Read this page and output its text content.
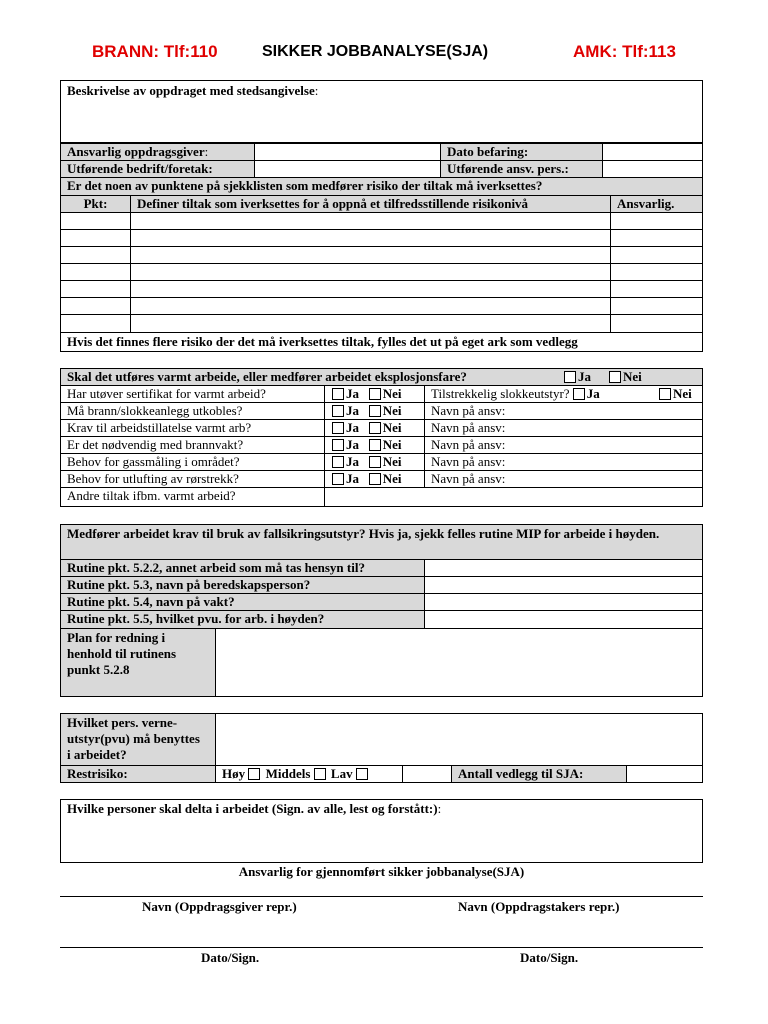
BRANN: Tlf:110	SIKKER JOBBANALYSE(SJA)	AMK: Tlf:113
Beskrivelse av oppdraget med stedsangivelse:
Ansvarlig oppdragsgiver:	Dato befaring:
Utførende bedrift/foretak:	Utførende ansv. pers.:
Er det noen av punktene på sjekklisten som medfører risiko der tiltak må iverksettes?
Pkt:	Definer tiltak som iverksettes for å oppnå et tilfredsstillende risikonivå	Ansvarlig.
Hvis det finnes flere risiko der det må iverksettes tiltak, fylles det ut på eget ark som vedlegg
Skal det utføres varmt arbeide, eller medfører arbeidet eksplosjonsfare?	Ja	Nei
Har utøver sertifikat for varmt arbeid?	Ja Nei	Tilstrekkelig slokkeutstyr? Ja	Nei
Må brann/slokkeanlegg utkobles?	Ja Nei	Navn på ansv:
Krav til arbeidstillatelse varmt arb?	Ja Nei	Navn på ansv:
Er det nødvendig med brannvakt?	Ja Nei	Navn på ansv:
Behov for gassmåling i området?	Ja Nei	Navn på ansv:
Behov for utlufting av rørstrekk?	Ja Nei	Navn på ansv:
Andre tiltak ifbm. varmt arbeid?
Medfører arbeidet krav til bruk av fallsikringsutstyr? Hvis ja, sjekk felles rutine MIP for arbeide i høyden.
Rutine pkt. 5.2.2, annet arbeid som må tas hensyn til?
Rutine pkt. 5.3, navn på beredskapsperson?
Rutine pkt. 5.4, navn på vakt?
Rutine pkt. 5.5, hvilket pvu. for arb. i høyden?
Plan for redning i henhold til rutinens punkt 5.2.8
Hvilket pers. verne-utstyr(pvu) må benyttes i arbeidet?
Restrisiko:	Høy Middels Lav	Antall vedlegg til SJA:
Hvilke personer skal delta i arbeidet (Sign. av alle, lest og forstått:):
Ansvarlig for gjennomført sikker jobbanalyse(SJA)
Navn (Oppdragsgiver repr.)	Navn (Oppdragstakers repr.)
Dato/Sign.	Dato/Sign.
